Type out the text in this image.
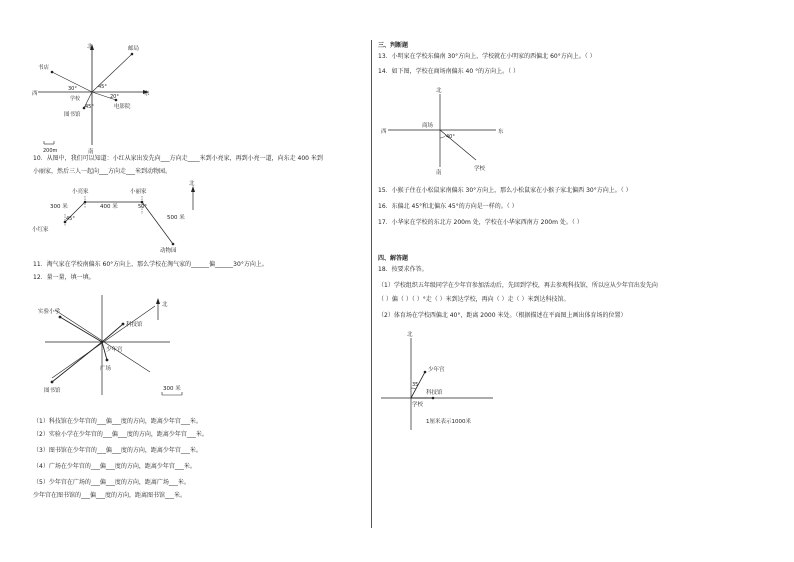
北	邮局
书店
西	东
30°	45°
学校	20°
45°
图书馆
电影院
南
200m
10．从图中，我们可以知道：小红从家出发先向___方向走____米到小亮家，再到小亮一道，向东走 400 米到
小丽家，然后三人一起向___方向走___米到动物园。
北
小亮家	小丽家
300 米	400 米	50°
500 米
45°
小红家
动物园
11．淘气家在学校南偏东 60°方向上，那么学校在淘气家的______偏______30°方向上。
12．量一量，填一填。
北
实验小学
科技馆
少年宫
广场
图书馆	300 米
（1）科技馆在少年宫的___偏___度的方向，距离少年宫___米。
（2）实验小学在少年宫的___偏___度的方向，距离少年宫___米。
（3）图书馆在少年宫的___偏___度的方向，距离少年宫___米。
（4）广场在少年宫的___偏___度的方向，距离少年宫___米。
（5）少年宫在广场的___偏___度的方向，距离广场___米。
少年宫在图书馆的___偏___度的方向，距离图书馆___米。
三、判断题
13．小明家在学校东偏南 30°方向上，学校就在小明家的西偏北 60°方向上。（ ）
14．如下图，学校在商场南偏东 40 °的方向上。（ ）
北
西	东
南
商场
40°
学校
15．小猴子住在小松鼠家南偏东 30°方向上，那么小松鼠家在小猴子家北偏西 30°方向上。（ ）
16．东偏北 45°和北偏东 45°的方向是一样的。（ ）
17．小华家在学校的东北方 200m 处，学校在小华家西南方 200m 处。（ ）
四、解答题
18．按要求作答。
（1）学校组织五年级同学在少年宫参加活动后，先回到学校，再去参观科技馆，所以应从少年宫出发先向
（ ）偏（ ）（ ）°走（ ）米到达学校，再向（ ）走（ ）米到达科技馆。
（2）体育场在学校西偏北 40°，距离 2000 米处。（根据描述在平面图上画出体育场的位置）
北
少年宫
35
科技馆
学校
1厘米表示1000米
